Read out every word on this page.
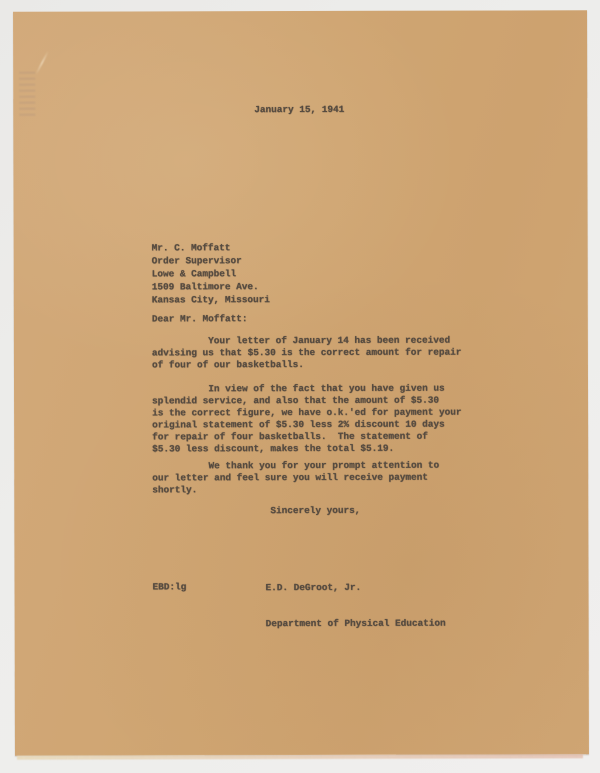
January 15, 1941
Mr. C. Moffatt
Order Supervisor
Lowe & Campbell
1509 Baltimore Ave.
Kansas City, Missouri
Dear Mr. Moffatt:
Your letter of January 14 has been received
advising us that $5.30 is the correct amount for repair
of four of our basketballs.
In view of the fact that you have given us
splendid service, and also that the amount of $5.30
is the correct figure, we have o.k.'ed for payment your
original statement of $5.30 less 2% discount 10 days
for repair of four basketballs.  The statement of
$5.30 less discount, makes the total $5.19.
We thank you for your prompt attention to
our letter and feel sure you will receive payment
shortly.
Sincerely yours,

E.D. DeGroot, Jr.

Department of Physical Education

EBD:lg
